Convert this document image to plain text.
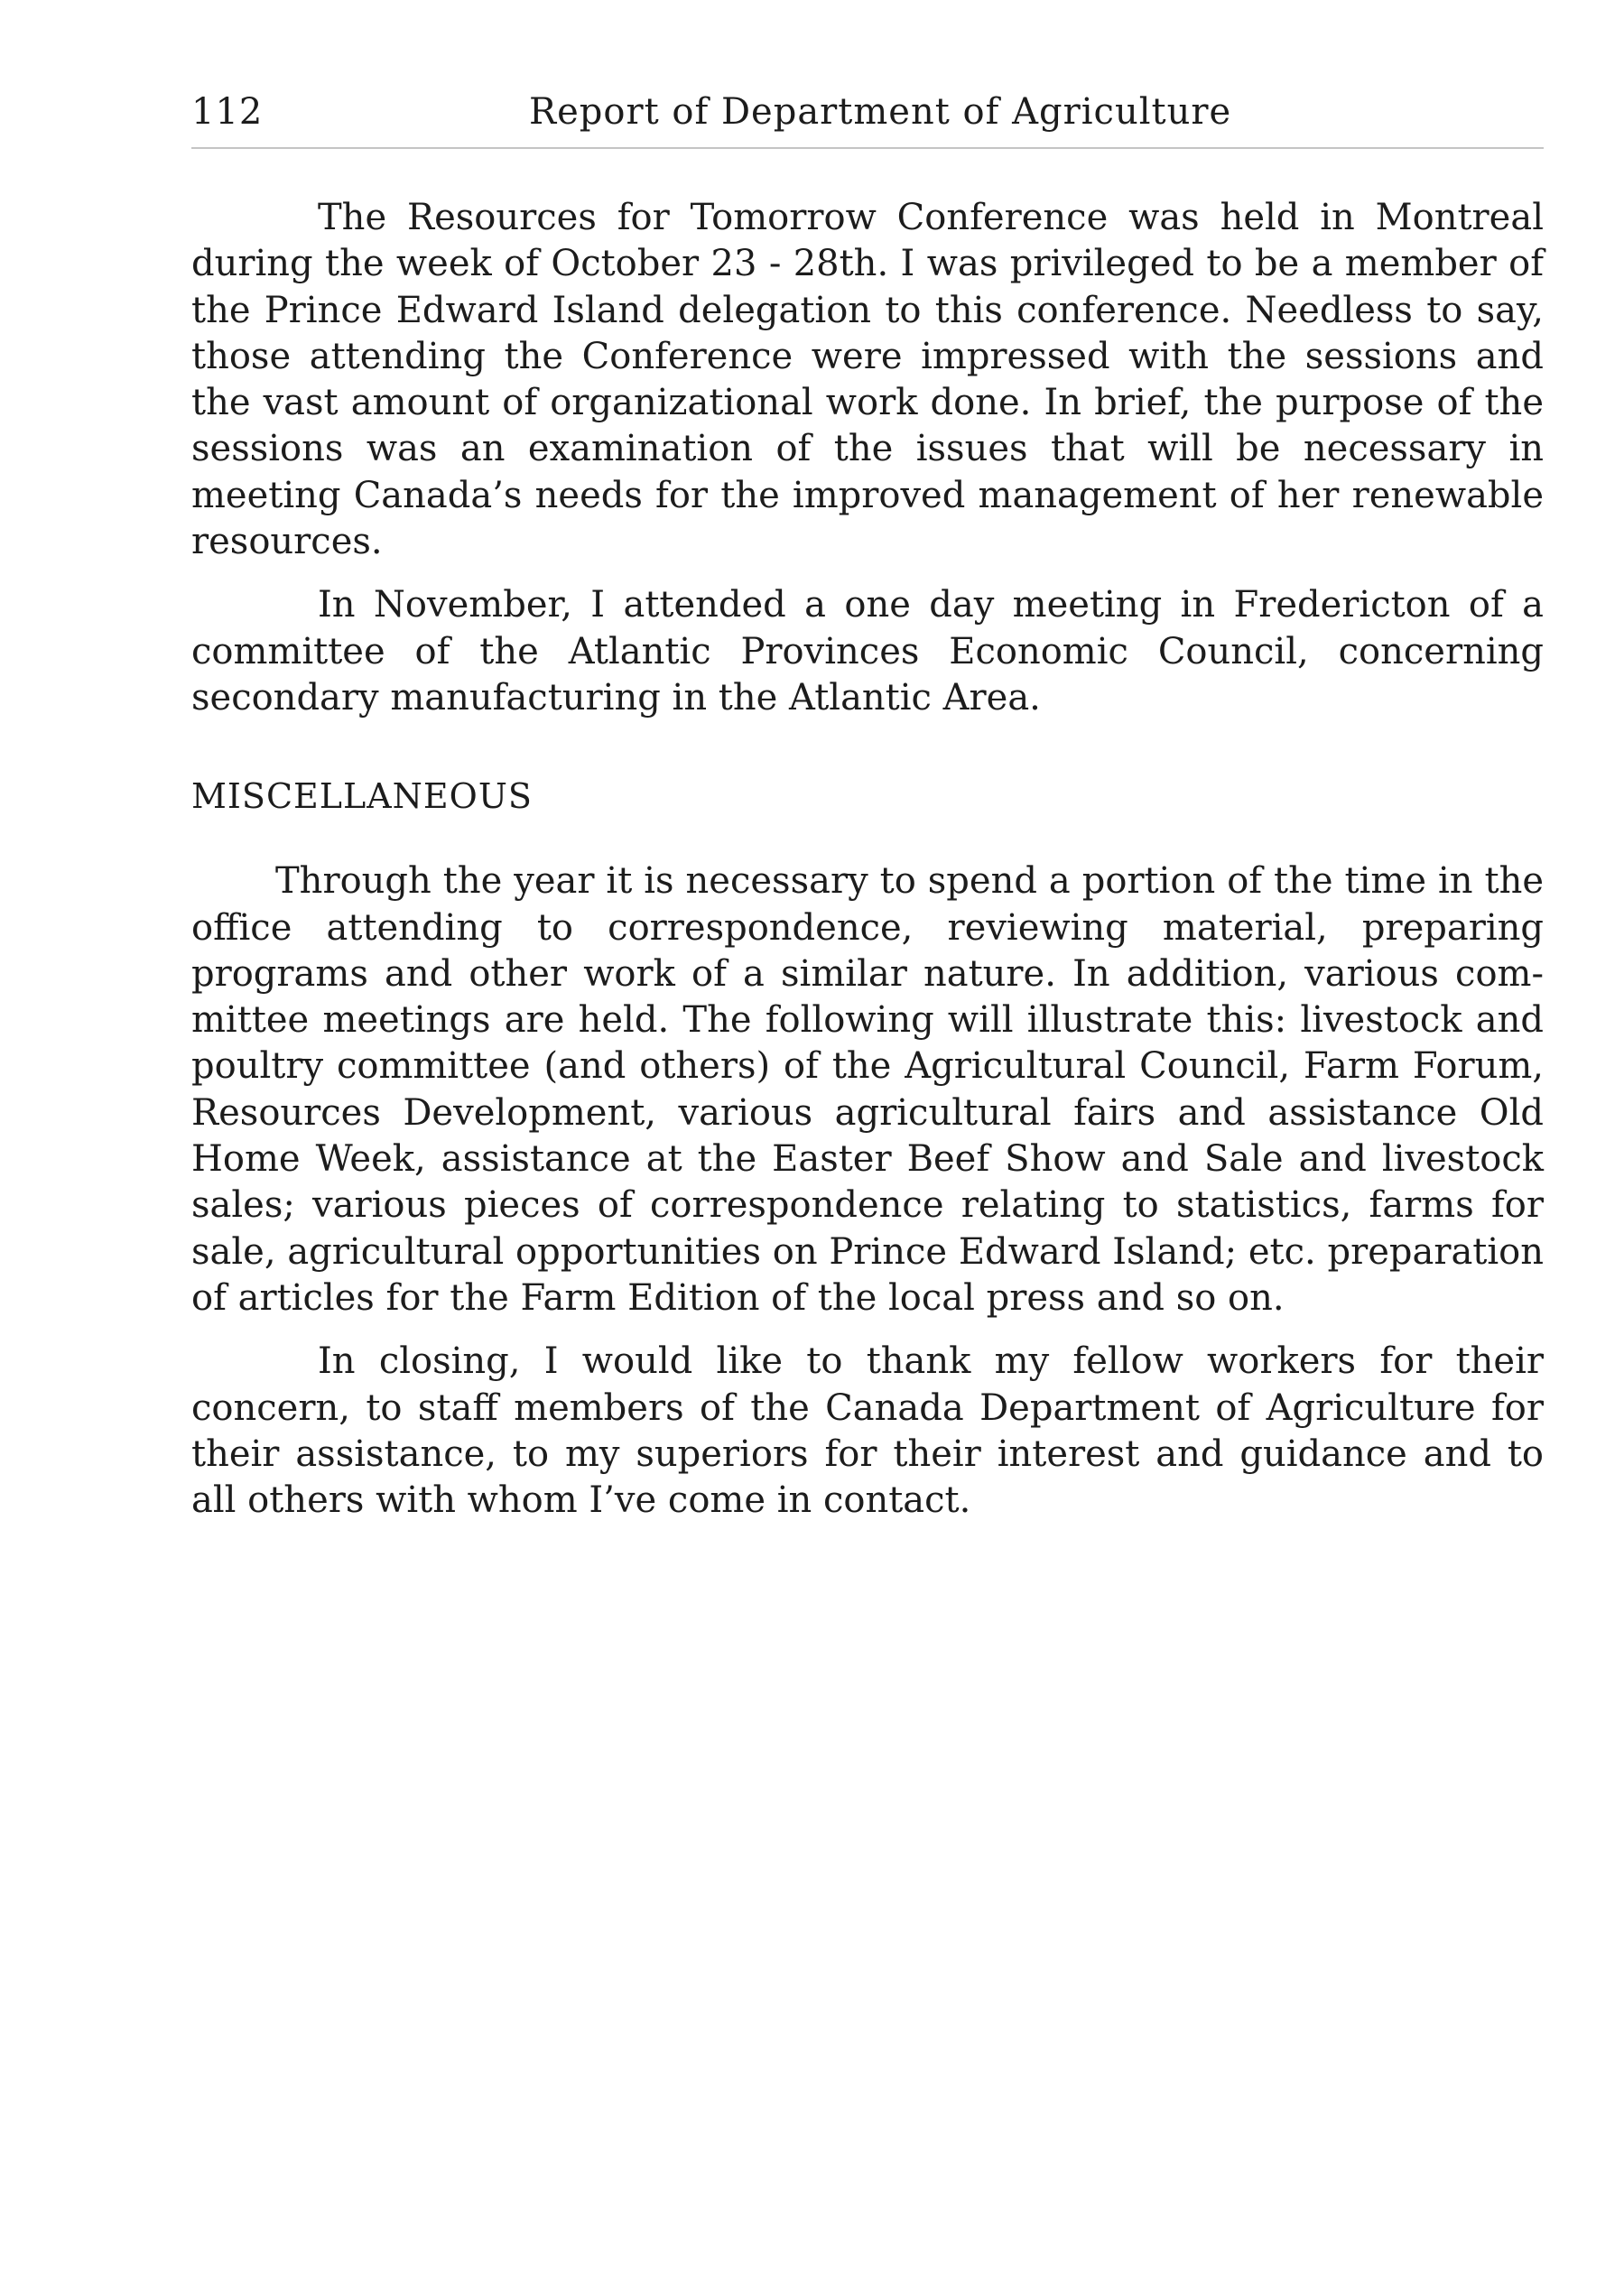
112	Report of Department of Agriculture

The Resources for Tomorrow Conference was held in Montreal during the week of October 23 - 28th. I was privileged to be a member of the Prince Edward Island delegation to this conference. Needless to say, those attending the Conference were impressed with the sessions and the vast amount of organizational work done. In brief, the purpose of the sessions was an examination of the issues that will be necessary in meeting Canada’s needs for the improved management of her renewable resources.

In November, I attended a one day meeting in Fredericton of a committee of the Atlantic Provinces Economic Council, concerning secondary manufacturing in the Atlantic Area.

MISCELLANEOUS

Through the year it is necessary to spend a portion of the time in the office attending to correspondence, reviewing material, preparing programs and other work of a similar nature. In addition, various committee meetings are held. The following will illustrate this: livestock and poultry committee (and others) of the Agricultural Council, Farm Forum, Resources Development, various agricultural fairs and assistance Old Home Week, assistance at the Easter Beef Show and Sale and livestock sales; various pieces of correspondence relating to statistics, farms for sale, agricultural opportunities on Prince Edward Island; etc. preparation of articles for the Farm Edition of the local press and so on.

In closing, I would like to thank my fellow workers for their concern, to staff members of the Canada Department of Agriculture for their assistance, to my superiors for their interest and guidance and to all others with whom I’ve come in contact.
